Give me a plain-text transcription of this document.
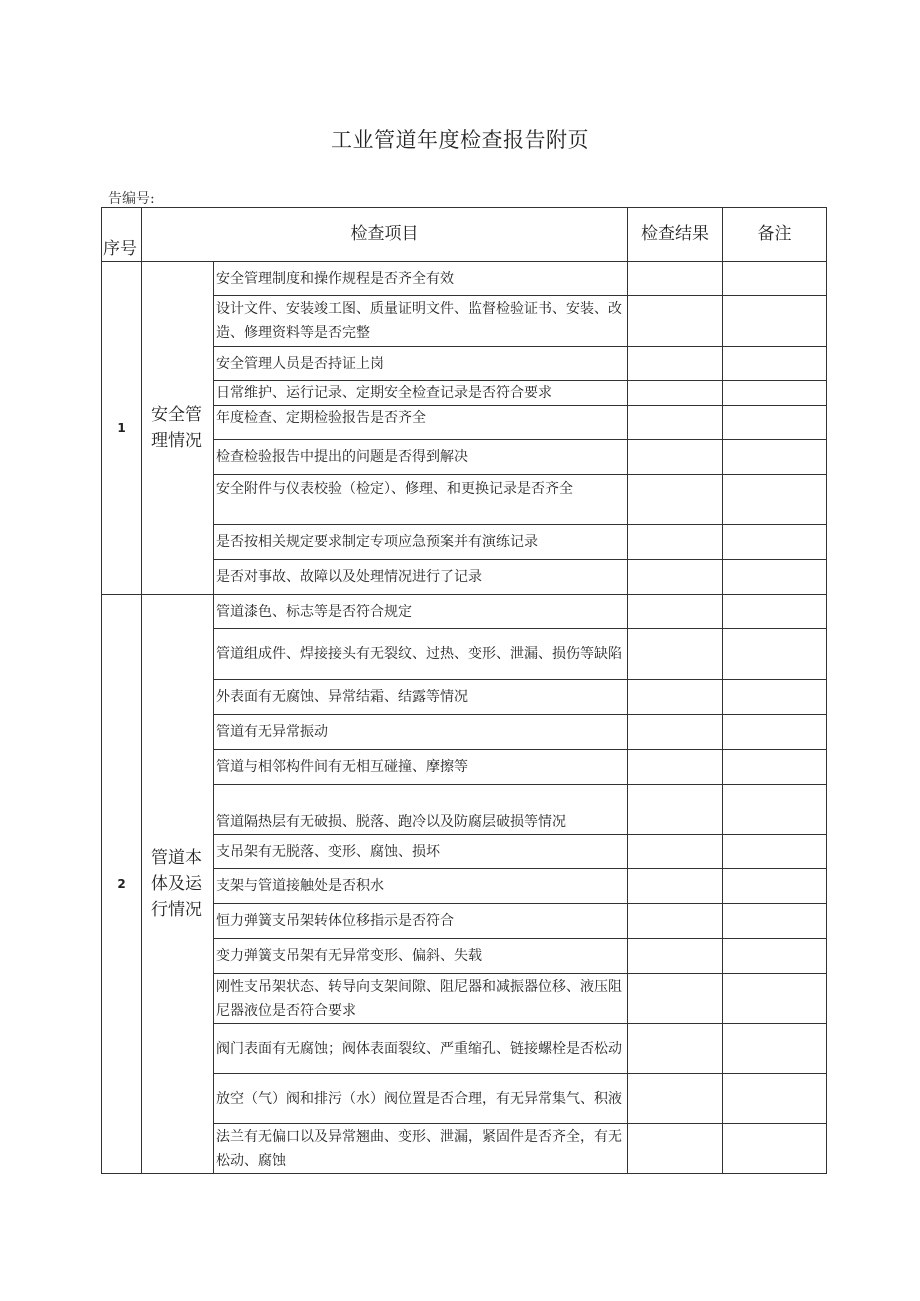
工业管道年度检查报告附页
告编号:
序号	检查项目		检查结果	备注
1	安全管理情况	安全管理制度和操作规程是否齐全有效		
		设计文件、安装竣工图、质量证明文件、监督检验证书、安装、改造、修理资料等是否完整		
		安全管理人员是否持证上岗		
		日常维护、运行记录、定期安全检查记录是否符合要求		
		年度检查、定期检验报告是否齐全		
		检查检验报告中提出的问题是否得到解决		
		安全附件与仪表校验（检定）、修理、和更换记录是否齐全		
		是否按相关规定要求制定专项应急预案并有演练记录		
		是否对事故、故障以及处理情况进行了记录		
2	管道本体及运行情况	管道漆色、标志等是否符合规定		
		管道组成件、焊接接头有无裂纹、过热、变形、泄漏、损伤等缺陷		
		外表面有无腐蚀、异常结霜、结露等情况		
		管道有无异常振动		
		管道与相邻构件间有无相互碰撞、摩擦等		
		管道隔热层有无破损、脱落、跑冷以及防腐层破损等情况		
		支吊架有无脱落、变形、腐蚀、损坏		
		支架与管道接触处是否积水		
		恒力弹簧支吊架转体位移指示是否符合		
		变力弹簧支吊架有无异常变形、偏斜、失载		
		刚性支吊架状态、转导向支架间隙、阻尼器和减振器位移、液压阻尼器液位是否符合要求		
		阀门表面有无腐蚀；阀体表面裂纹、严重缩孔、链接螺栓是否松动		
		放空（气）阀和排污（水）阀位置是否合理，有无异常集气、积液		
		法兰有无偏口以及异常翘曲、变形、泄漏，紧固件是否齐全，有无松动、腐蚀		
